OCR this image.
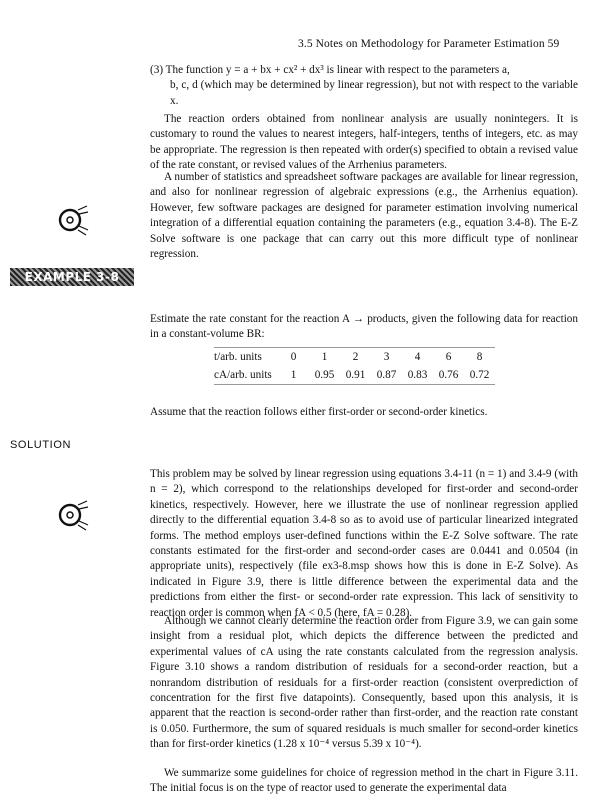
3.5 Notes on Methodology for Parameter Estimation 59
(3) The function y = a + bx + cx² + dx³ is linear with respect to the parameters a,
b, c, d (which may be determined by linear regression), but not with respect to the variable x.
The reaction orders obtained from nonlinear analysis are usually nonintegers. It is customary to round the values to nearest integers, half-integers, tenths of integers, etc. as may be appropriate. The regression is then repeated with order(s) specified to obtain a revised value of the rate constant, or revised values of the Arrhenius parameters.
A number of statistics and spreadsheet software packages are available for linear regression, and also for nonlinear regression of algebraic expressions (e.g., the Arrhenius equation). However, few software packages are designed for parameter estimation involving numerical integration of a differential equation containing the parameters (e.g., equation 3.4-8). The E-Z Solve software is one package that can carry out this more difficult type of nonlinear regression.
EXAMPLE 3-8
Estimate the rate constant for the reaction A → products, given the following data for reaction in a constant-volume BR:
t/arb. units	0	1	2	3	4	6	8
cA/arb. units	1	0.95	0.91	0.87	0.83	0.76	0.72
Assume that the reaction follows either first-order or second-order kinetics.
SOLUTION
This problem may be solved by linear regression using equations 3.4-11 (n = 1) and 3.4-9 (with n = 2), which correspond to the relationships developed for first-order and second-order kinetics, respectively. However, here we illustrate the use of nonlinear regression applied directly to the differential equation 3.4-8 so as to avoid use of particular linearized integrated forms. The method employs user-defined functions within the E-Z Solve software. The rate constants estimated for the first-order and second-order cases are 0.0441 and 0.0504 (in appropriate units), respectively (file ex3-8.msp shows how this is done in E-Z Solve). As indicated in Figure 3.9, there is little difference between the experimental data and the predictions from either the first- or second-order rate expression. This lack of sensitivity to reaction order is common when fA < 0.5 (here, fA = 0.28).
Although we cannot clearly determine the reaction order from Figure 3.9, we can gain some insight from a residual plot, which depicts the difference between the predicted and experimental values of cA using the rate constants calculated from the regression analysis. Figure 3.10 shows a random distribution of residuals for a second-order reaction, but a nonrandom distribution of residuals for a first-order reaction (consistent overprediction of concentration for the first five datapoints). Consequently, based upon this analysis, it is apparent that the reaction is second-order rather than first-order, and the reaction rate constant is 0.050. Furthermore, the sum of squared residuals is much smaller for second-order kinetics than for first-order kinetics (1.28 x 10⁻⁴ versus 5.39 x 10⁻⁴).
We summarize some guidelines for choice of regression method in the chart in Figure 3.11. The initial focus is on the type of reactor used to generate the experimental data
